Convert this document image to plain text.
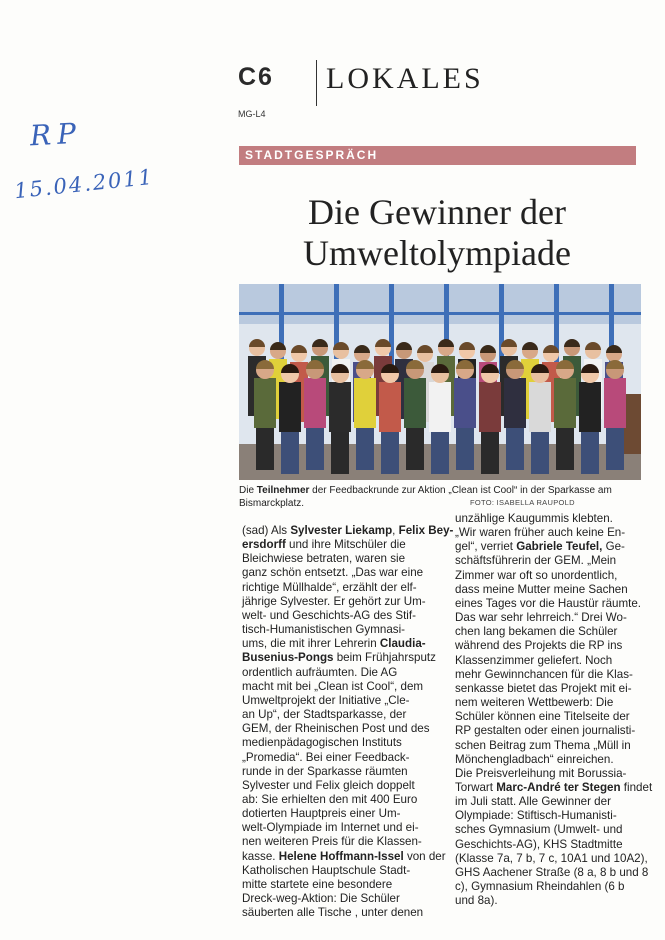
RP
15.04.2011
C6 LOKALES
MG-L4
STADTGESPRÄCH
Die Gewinner der
Umweltolympiade
Die Teilnehmer der Feedbackrunde zur Aktion „Clean ist Cool“ in der Sparkasse am
Bismarckplatz.	FOTO: ISABELLA RAUPOLD
(sad) Als Sylvester Liekamp, Felix Bey-
ersdorff und ihre Mitschüler die
Bleichwiese betraten, waren sie
ganz schön entsetzt. „Das war eine
richtige Müllhalde“, erzählt der elf-
jährige Sylvester. Er gehört zur Um-
welt- und Geschichts-AG des Stif-
tisch-Humanistischen Gymnasi-
ums, die mit ihrer Lehrerin Claudia-
Busenius-Pongs beim Frühjahrsputz
ordentlich aufräumten. Die AG
macht mit bei „Clean ist Cool“, dem
Umweltprojekt der Initiative „Cle-
an Up“, der Stadtsparkasse, der
GEM, der Rheinischen Post und des
medienpädagogischen Instituts
„Promedia“. Bei einer Feedback-
runde in der Sparkasse räumten
Sylvester und Felix gleich doppelt
ab: Sie erhielten den mit 400 Euro
dotierten Hauptpreis einer Um-
welt-Olympiade im Internet und ei-
nen weiteren Preis für die Klassen-
kasse. Helene Hoffmann-Issel von der
Katholischen Hauptschule Stadt-
mitte startete eine besondere
Dreck-weg-Aktion: Die Schüler
säuberten alle Tische , unter denen
unzählige Kaugummis klebten.
„Wir waren früher auch keine En-
gel“, verriet Gabriele Teufel, Ge-
schäftsführerin der GEM. „Mein
Zimmer war oft so unordentlich,
dass meine Mutter meine Sachen
eines Tages vor die Haustür räumte.
Das war sehr lehrreich.“ Drei Wo-
chen lang bekamen die Schüler
während des Projekts die RP ins
Klassenzimmer geliefert. Noch
mehr Gewinnchancen für die Klas-
senkasse bietet das Projekt mit ei-
nem weiteren Wettbewerb: Die
Schüler können eine Titelseite der
RP gestalten oder einen journalisti-
schen Beitrag zum Thema „Müll in
Mönchengladbach“ einreichen.
Die Preisverleihung mit Borussia-
Torwart Marc-André ter Stegen findet
im Juli statt. Alle Gewinner der
Olympiade: Stiftisch-Humanisti-
sches Gymnasium (Umwelt- und
Geschichts-AG), KHS Stadtmitte
(Klasse 7a, 7 b, 7 c, 10A1 und 10A2),
GHS Aachener Straße (8 a, 8 b und 8
c), Gymnasium Rheindahlen (6 b
und 8a).
